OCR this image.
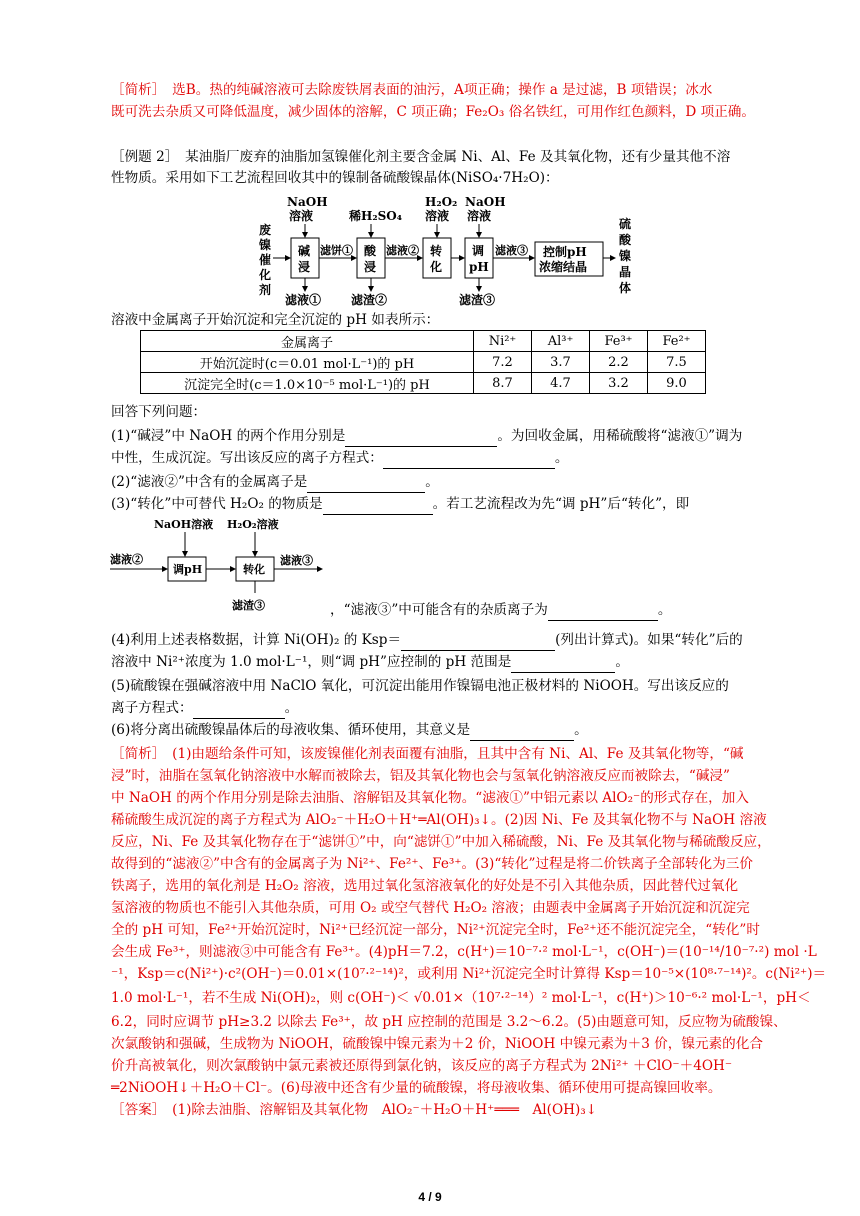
［简析］　选B。热的纯碱溶液可去除废铁屑表面的油污，A项正确；操作 a 是过滤，B 项错误；冰水
既可洗去杂质又可降低温度，减少固体的溶解，C 项正确；Fe₂O₃ 俗名铁红，可用作红色颜料，D 项正确。
［例题 2］　某油脂厂废弃的油脂加氢镍催化剂主要含金属 Ni、Al、Fe 及其氧化物，还有少量其他不溶
性物质。采用如下工艺流程回收其中的镍制备硫酸镍晶体(NiSO₄·7H₂O)：
废
镍
催
化
剂
NaOH
溶液	稀H₂SO₄
H₂O₂
溶液
NaOH
溶液
碱
浸
酸
浸
转
化
调
pH
控制pH
浓缩结晶
滤饼①	滤液②	滤液③
硫
酸
镍
晶
体
滤液① 滤渣②	滤渣③
溶液中金属离子开始沉淀和完全沉淀的 pH 如表所示：
金属离子	Ni²⁺	Al³⁺	Fe³⁺	Fe²⁺
开始沉淀时(c＝0.01 mol·L⁻¹)的 pH	7.2	3.7	2.2	7.5
沉淀完全时(c＝1.0×10⁻⁵ mol·L⁻¹)的 pH	8.7	4.7	3.2	9.0
回答下列问题：
(1)“碱浸”中 NaOH 的两个作用分别是	。为回收金属，用稀硫酸将“滤液①”调为
中性，生成沉淀。写出该反应的离子方程式：	。
(2)“滤液②”中含有的金属离子是	。
(3)“转化”中可替代 H₂O₂ 的物质是	。若工艺流程改为先“调 pH”后“转化”，即
NaOH溶液 H₂O₂溶液
滤液②
调pH	转化
滤液③
滤渣③	，“滤液③”中可能含有的杂质离子为	。
(4)利用上述表格数据，计算 Ni(OH)₂ 的 Ksp＝	(列出计算式)。如果“转化”后的
溶液中 Ni²⁺浓度为 1.0 mol·L⁻¹，则“调 pH”应控制的 pH 范围是	。
(5)硫酸镍在强碱溶液中用 NaClO 氧化，可沉淀出能用作镍镉电池正极材料的 NiOOH。写出该反应的
离子方程式：	。
(6)将分离出硫酸镍晶体后的母液收集、循环使用，其意义是	。
［简析］　(1)由题给条件可知，该废镍催化剂表面覆有油脂，且其中含有 Ni、Al、Fe 及其氧化物等，“碱
浸”时，油脂在氢氧化钠溶液中水解而被除去，铝及其氧化物也会与氢氧化钠溶液反应而被除去，“碱浸”
中 NaOH 的两个作用分别是除去油脂、溶解铝及其氧化物。“滤液①”中铝元素以 AlO₂⁻的形式存在，加入
稀硫酸生成沉淀的离子方程式为 AlO₂⁻＋H₂O＋H⁺═Al(OH)₃↓。(2)因 Ni、Fe 及其氧化物不与 NaOH 溶液
反应，Ni、Fe 及其氧化物存在于“滤饼①”中，向“滤饼①”中加入稀硫酸，Ni、Fe 及其氧化物与稀硫酸反应，
故得到的“滤液②”中含有的金属离子为 Ni²⁺、Fe²⁺、Fe³⁺。(3)“转化”过程是将二价铁离子全部转化为三价
铁离子，选用的氧化剂是 H₂O₂ 溶液，选用过氧化氢溶液氧化的好处是不引入其他杂质，因此替代过氧化
氢溶液的物质也不能引入其他杂质，可用 O₂ 或空气替代 H₂O₂ 溶液；由题表中金属离子开始沉淀和沉淀完
全的 pH 可知，Fe²⁺开始沉淀时，Ni²⁺已经沉淀一部分，Ni²⁺沉淀完全时，Fe²⁺还不能沉淀完全，“转化”时
会生成 Fe³⁺，则滤液③中可能含有 Fe³⁺。(4)pH＝7.2，c(H⁺)＝10⁻⁷·² mol·L⁻¹，c(OH⁻)＝(10⁻¹⁴/10⁻⁷·²) mol ·L
⁻¹，Ksp＝c(Ni²⁺)·c²(OH⁻)＝0.01×(10⁷·²⁻¹⁴)²，或利用 Ni²⁺沉淀完全时计算得 Ksp＝10⁻⁵×(10⁸·⁷⁻¹⁴)²。c(Ni²⁺)＝
1.0 mol·L⁻¹，若不生成 Ni(OH)₂，则 c(OH⁻)＜ √0.01×（10⁷·²⁻¹⁴）² mol·L⁻¹，c(H⁺)＞10⁻⁶·² mol·L⁻¹，pH＜
6.2，同时应调节 pH≥3.2 以除去 Fe³⁺，故 pH 应控制的范围是 3.2～6.2。(5)由题意可知，反应物为硫酸镍、
次氯酸钠和强碱，生成物为 NiOOH，硫酸镍中镍元素为＋2 价，NiOOH 中镍元素为＋3 价，镍元素的化合
价升高被氧化，则次氯酸钠中氯元素被还原得到氯化钠，该反应的离子方程式为 2Ni²⁺ ＋ClO⁻＋4OH⁻
═2NiOOH↓＋H₂O＋Cl⁻。(6)母液中还含有少量的硫酸镍，将母液收集、循环使用可提高镍回收率。
［答案］　(1)除去油脂、溶解铝及其氧化物　AlO₂⁻＋H₂O＋H⁺═══　Al(OH)₃↓
4 / 9
